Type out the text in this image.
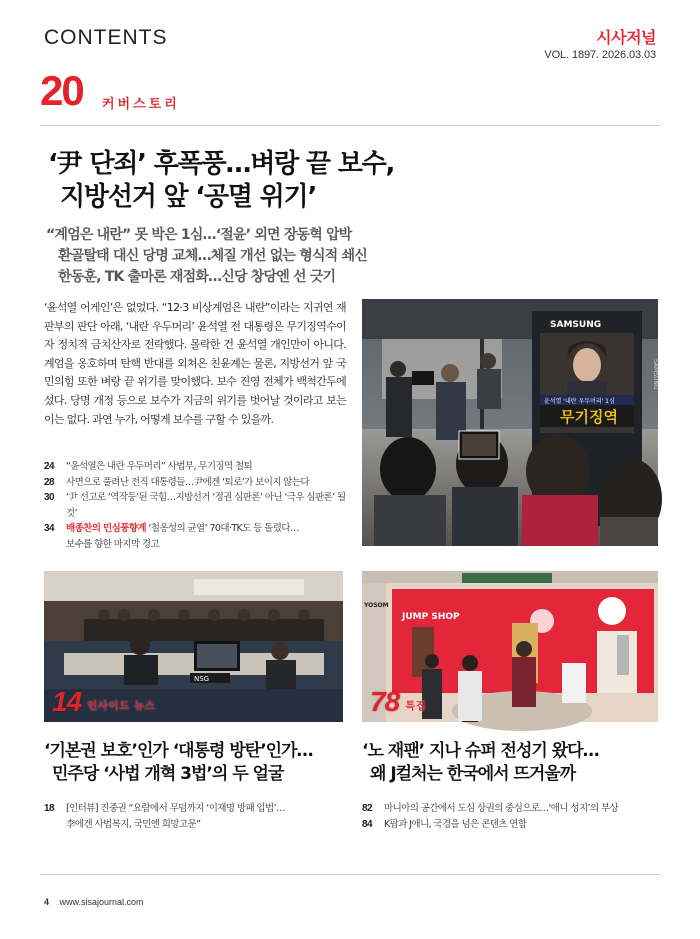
CONTENTS	시사저널
VOL. 1897. 2026.03.03
20 커버스토리
‘尹 단죄’ 후폭풍…벼랑 끝 보수,
지방선거 앞 ‘공멸 위기’
“계엄은 내란” 못 박은 1심…‘절윤’ 외면 장동혁 압박
환골탈태 대신 당명 교체…체질 개선 없는 형식적 쇄신
한동훈, TK 출마론 재점화…신당 창당엔 선 긋기

‘윤석열 어게인’은 없었다. “12·3 비상계엄은 내란”이라는 지귀연 재판부의 판단 아래, ‘내란 우두머리’ 윤석열 전 대통령은 무기징역수이자 정치적 금치산자로 전락했다. 몰락한 건 윤석열 개인만이 아니다. 계엄을 옹호하며 탄핵 반대를 외쳐온 친윤계는 물론, 지방선거 앞 국민의힘 또한 벼랑 끝 위기를 맞이했다. 보수 진영 전체가 백척간두에 섰다. 당명 개정 등으로 보수가 지금의 위기를 벗어날 것이라고 보는 이는 없다. 과연 누가, 어떻게 보수를 구할 수 있을까.

24	“윤석열은 내란 우두머리” 사법부, 무기징역 철퇴
28	사면으로 풀려난 전직 대통령들…尹에겐 ‘퇴로’가 보이지 않는다
30	‘尹 선고로 ‘역작둥’된 국힘…지방선거 ‘정권 심판론’ 아닌 ‘극우 심판론’ 될 것’
34	배종찬의 민심풍향계 ‘철옹성의 균열’ 70대·TK도 등 돌렸다…
보수를 향한 마지막 경고
SAMSUNG
SAMSUNG
윤석열 '내란 우두머리' 1심
무기징역
NSG
14 인사이드 뉴스
YOSOM
JUMP SHOP
78 특집
‘기본권 보호’인가 ‘대통령 방탄’인가…
민주당 ‘사법 개혁 3법’의 두 얼굴
‘노 재팬’ 지나 슈퍼 전성기 왔다…
왜 J컬처는 한국에서 뜨거울까
18	[인터뷰] 진중권 “요람에서 무덤까지 ‘이재명 방패 입법’…
李에겐 사법복지, 국민엔 희망고문”
82	마니아의 공간에서 도심 상권의 중심으로…‘애니 성지’의 부상
84	K팝과 J애니, 국경을 넘은 콘텐츠 연합
4 www.sisajournal.com
